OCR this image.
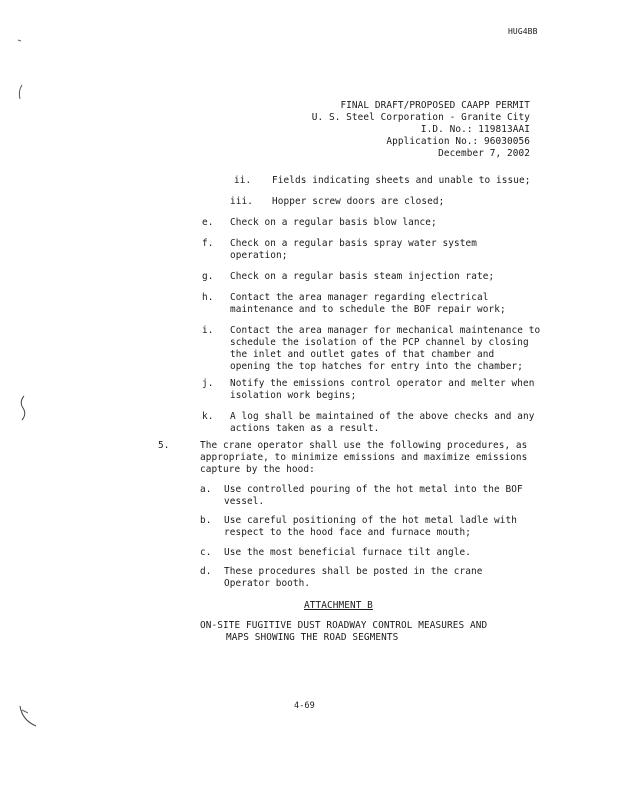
HUG4BB
FINAL DRAFT/PROPOSED CAAPP PERMIT
U. S. Steel Corporation - Granite City
I.D. No.: 119813AAI
Application No.: 96030056
December 7, 2002
ii. Fields indicating sheets and unable to issue;
iii. Hopper screw doors are closed;
e. Check on a regular basis blow lance;
f. Check on a regular basis spray water system
operation;
g. Check on a regular basis steam injection rate;
h. Contact the area manager regarding electrical
maintenance and to schedule the BOF repair work;
i. Contact the area manager for mechanical maintenance to
schedule the isolation of the PCP channel by closing
the inlet and outlet gates of that chamber and
opening the top hatches for entry into the chamber;
j. Notify the emissions control operator and melter when
isolation work begins;
k. A log shall be maintained of the above checks and any
actions taken as a result.
5.	The crane operator shall use the following procedures, as
appropriate, to minimize emissions and maximize emissions
capture by the hood:
a. Use controlled pouring of the hot metal into the BOF
vessel.
b. Use careful positioning of the hot metal ladle with
respect to the hood face and furnace mouth;
c. Use the most beneficial furnace tilt angle.
d. These procedures shall be posted in the crane
Operator booth.
ATTACHMENT B
ON-SITE FUGITIVE DUST ROADWAY CONTROL MEASURES AND
MAPS SHOWING THE ROAD SEGMENTS
4-69
